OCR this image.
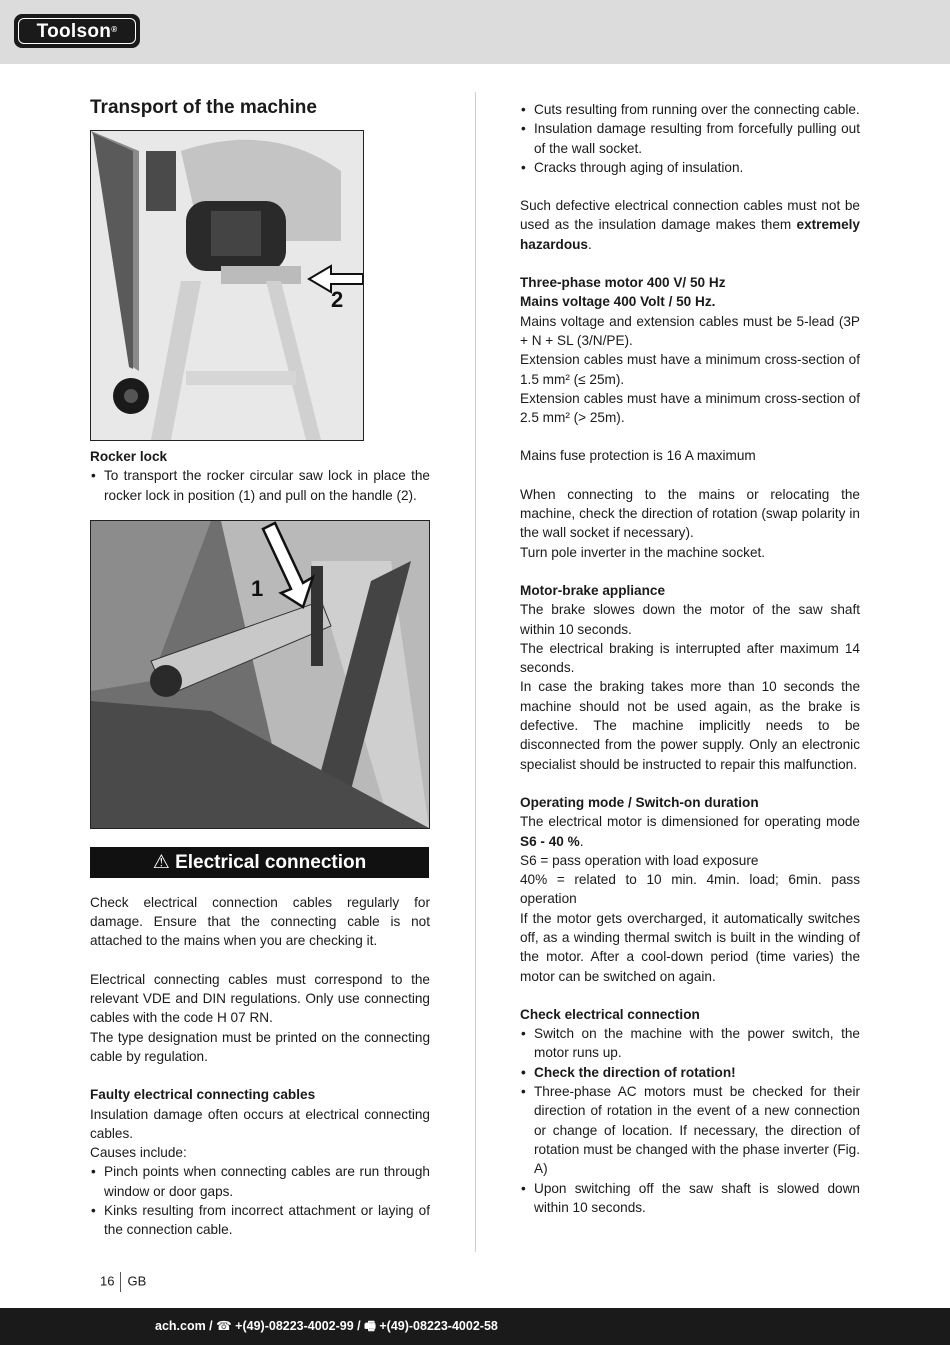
Toolson®
Transport of the machine
2

Rocker lock

• To transport the rocker circular saw lock in place the rocker lock in position (1) and pull on the handle (2).
1
⚠ Electrical connection

Check electrical connection cables regularly for damage. Ensure that the connecting cable is not attached to the mains when you are checking it.

Electrical connecting cables must correspond to the relevant VDE and DIN regulations. Only use connecting cables with the code H 07 RN.

The type designation must be printed on the connecting cable by regulation.

Faulty electrical connecting cables

Insulation damage often occurs at electrical connecting cables.

Causes include:

• Pinch points when connecting cables are run through window or door gaps.
• Kinks resulting from incorrect attachment or laying of the connection cable.
• Cuts resulting from running over the connecting cable.
• Insulation damage resulting from forcefully pulling out of the wall socket.
• Cracks through aging of insulation.

Such defective electrical connection cables must not be used as the insulation damage makes them extremely hazardous.

Three-phase motor 400 V/ 50 Hz

Mains voltage 400 Volt / 50 Hz.

Mains voltage and extension cables must be 5-lead (3P + N + SL (3/N/PE).

Extension cables must have a minimum cross-section of 1.5 mm² (≤ 25m).

Extension cables must have a minimum cross-section of 2.5 mm² (> 25m).

Mains fuse protection is 16 A maximum

When connecting to the mains or relocating the machine, check the direction of rotation (swap polarity in the wall socket if necessary).

Turn pole inverter in the machine socket.

Motor-brake appliance

The brake slowes down the motor of the saw shaft within 10 seconds.

The electrical braking is interrupted after maximum 14 seconds.

In case the braking takes more than 10 seconds the machine should not be used again, as the brake is defective. The machine implicitly needs to be disconnected from the power supply. Only an electronic specialist should be instructed to repair this malfunction.

Operating mode / Switch-on duration

The electrical motor is dimensioned for operating mode S6 - 40 %.

S6 = pass operation with load exposure

40% = related to 10 min. 4min. load; 6min. pass operation

If the motor gets overcharged, it automatically switches off, as a winding thermal switch is built in the winding of the motor. After a cool-down period (time varies) the motor can be switched on again.

Check electrical connection

• Switch on the machine with the power switch, the motor runs up.
• Check the direction of rotation!
• Three-phase AC motors must be checked for their direction of rotation in the event of a new connection or change of location. If necessary, the direction of rotation must be changed with the phase inverter (Fig. A)
• Upon switching off the saw shaft is slowed down within 10 seconds.
16 GB
ach.com / ☎ +(49)-08223-4002-99 / 🖷 +(49)-08223-4002-58
